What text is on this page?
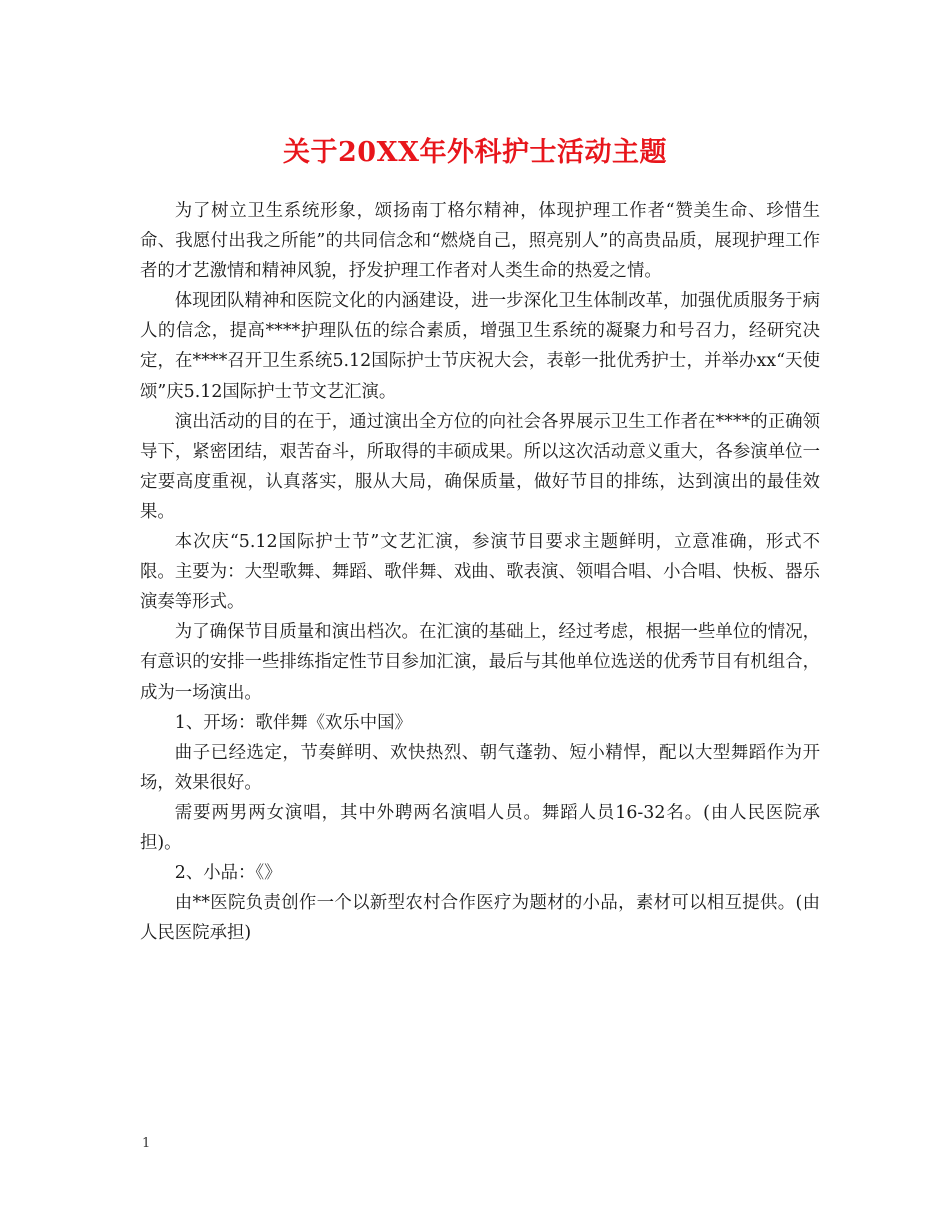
关于20XX年外科护士活动主题

为了树立卫生系统形象，颂扬南丁格尔精神，体现护理工作者“赞美生命、珍惜生命、我愿付出我之所能”的共同信念和“燃烧自己，照亮别人”的高贵品质，展现护理工作者的才艺激情和精神风貌，抒发护理工作者对人类生命的热爱之情。

体现团队精神和医院文化的内涵建设，进一步深化卫生体制改革，加强优质服务于病人的信念，提高****护理队伍的综合素质，增强卫生系统的凝聚力和号召力，经研究决定，在****召开卫生系统5.12国际护士节庆祝大会，表彰一批优秀护士，并举办xx“天使颂”庆5.12国际护士节文艺汇演。

演出活动的目的在于，通过演出全方位的向社会各界展示卫生工作者在****的正确领导下，紧密团结，艰苦奋斗，所取得的丰硕成果。所以这次活动意义重大，各参演单位一定要高度重视，认真落实，服从大局，确保质量，做好节目的排练，达到演出的最佳效果。

本次庆“5.12国际护士节”文艺汇演，参演节目要求主题鲜明，立意准确，形式不限。主要为：大型歌舞、舞蹈、歌伴舞、戏曲、歌表演、领唱合唱、小合唱、快板、器乐演奏等形式。

为了确保节目质量和演出档次。在汇演的基础上，经过考虑，根据一些单位的情况，有意识的安排一些排练指定性节目参加汇演，最后与其他单位选送的优秀节目有机组合，成为一场演出。

1、开场：歌伴舞《欢乐中国》

曲子已经选定，节奏鲜明、欢快热烈、朝气蓬勃、短小精悍，配以大型舞蹈作为开场，效果很好。

需要两男两女演唱，其中外聘两名演唱人员。舞蹈人员16-32名。(由人民医院承担)。

2、小品：《》

由**医院负责创作一个以新型农村合作医疗为题材的小品，素材可以相互提供。(由人民医院承担)

1
